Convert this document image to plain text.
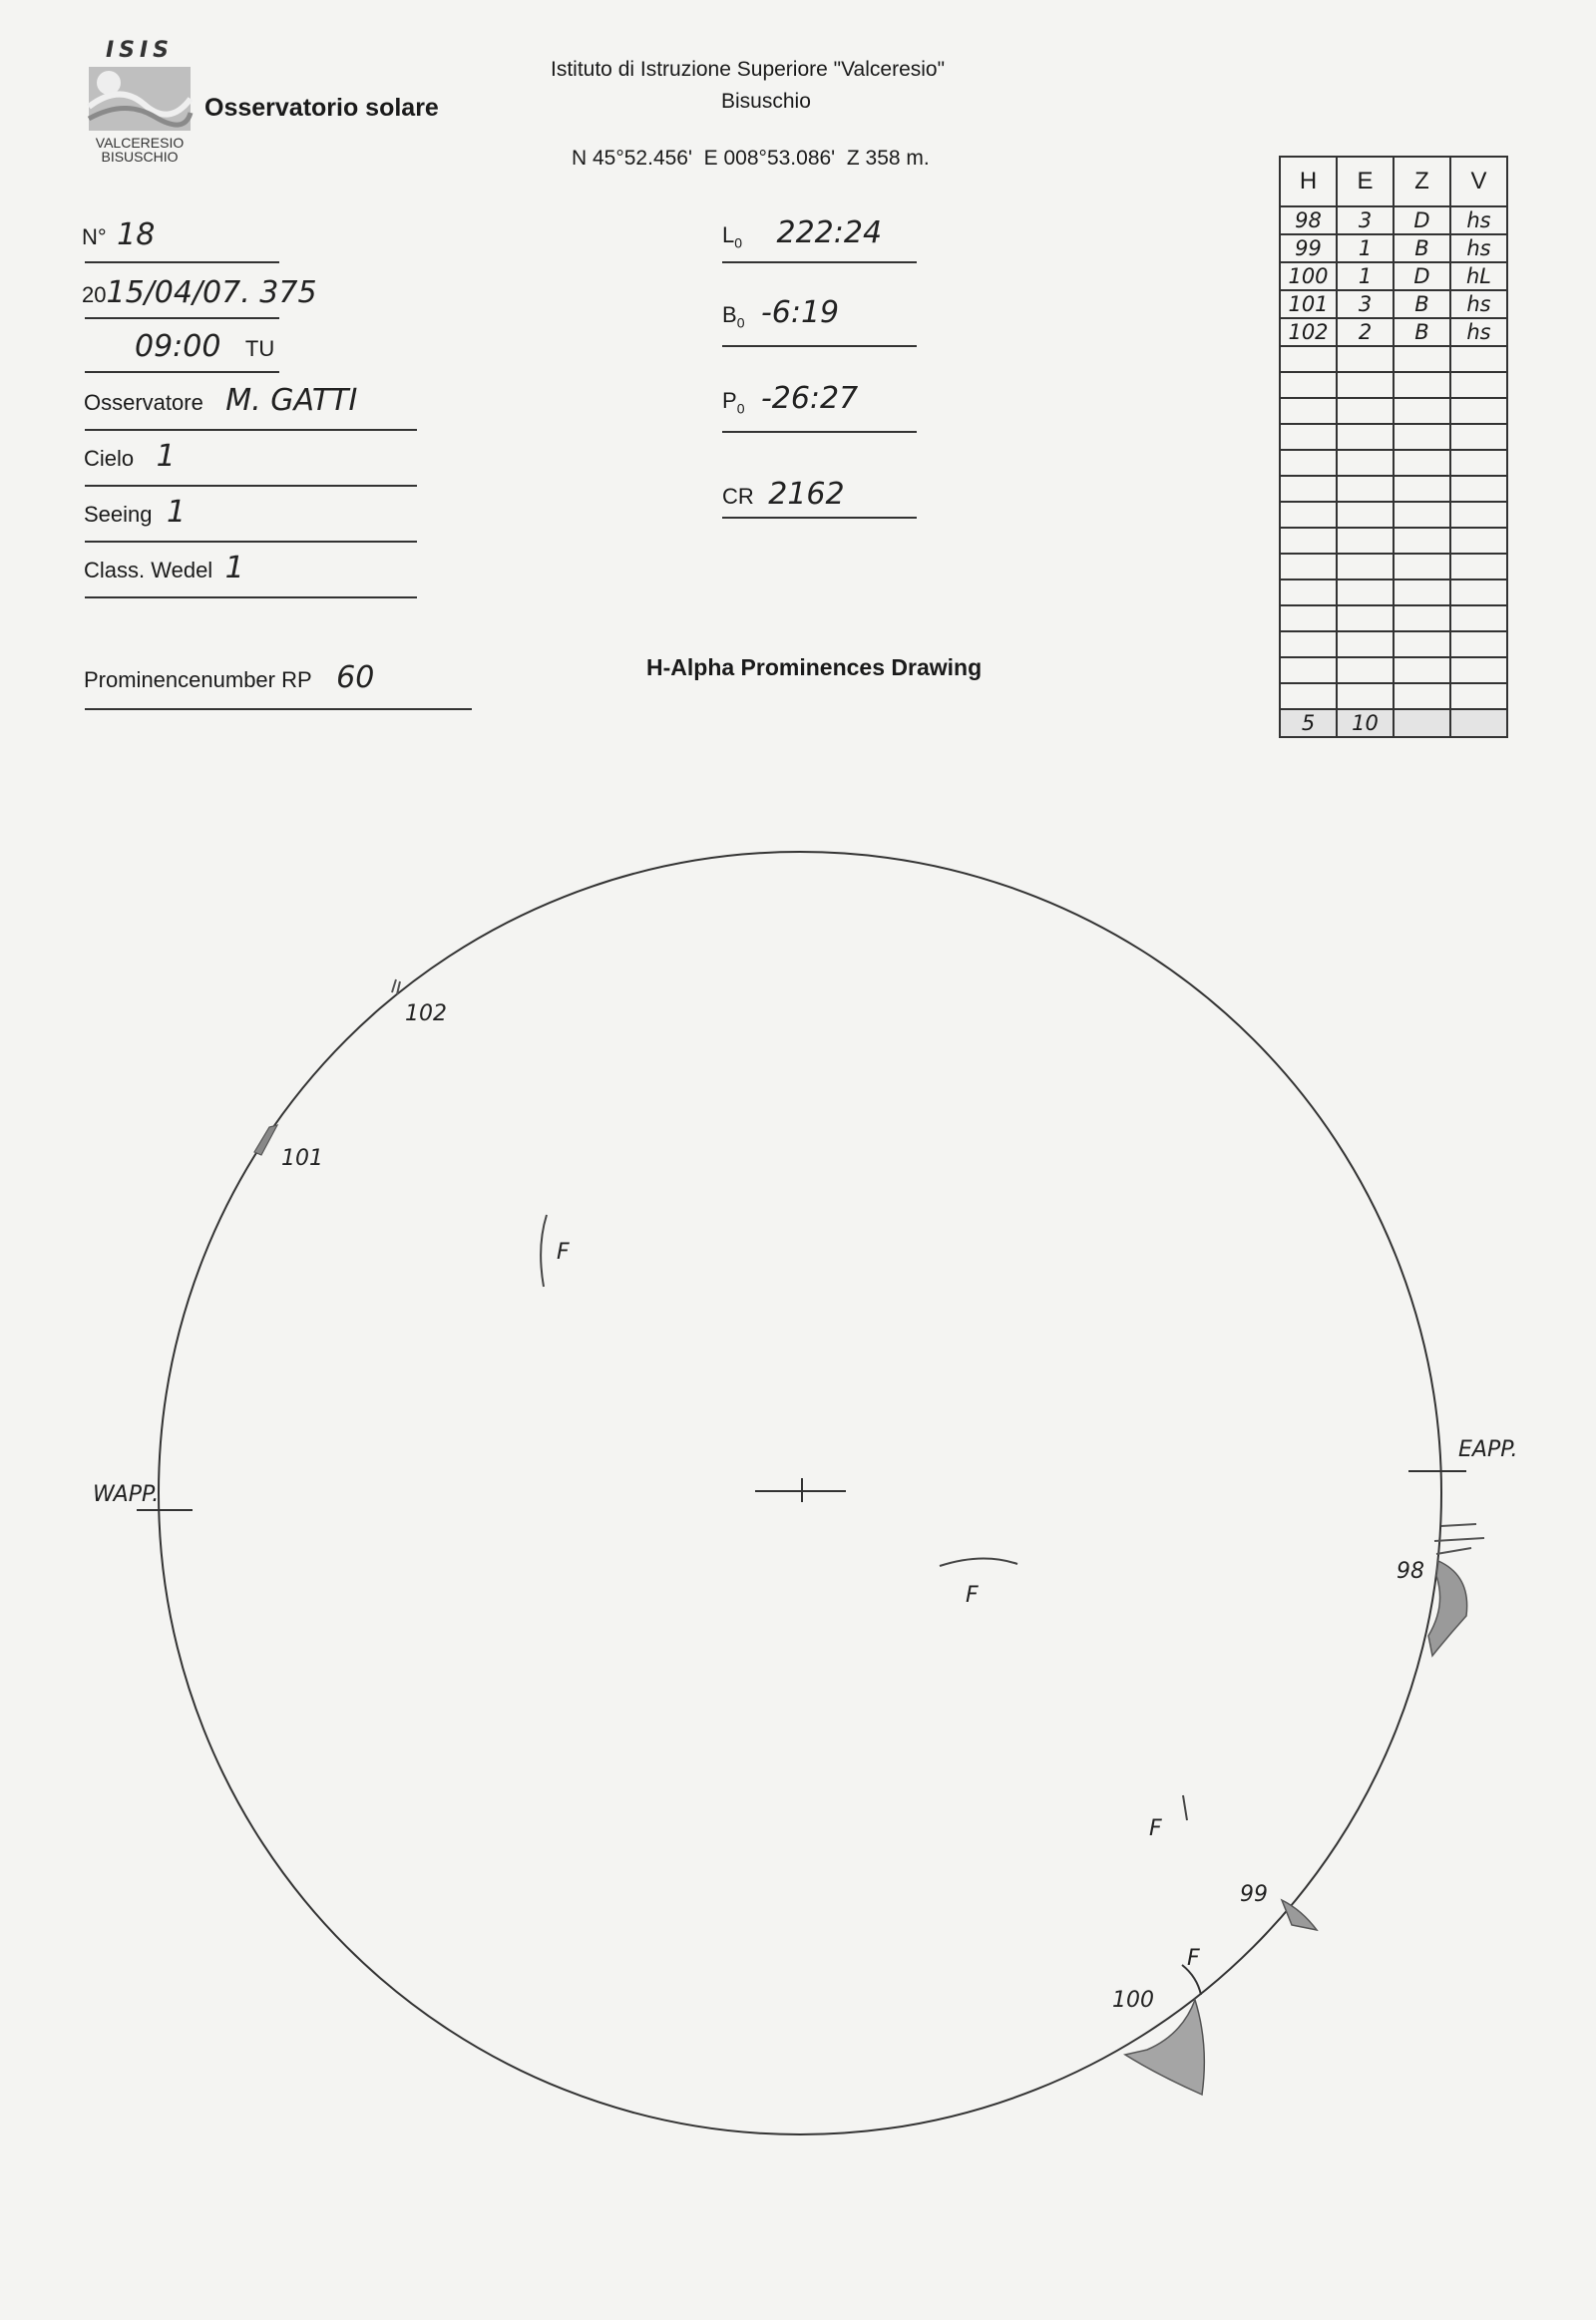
ISIS
VALCERESIO
BISUSCHIO
Osservatorio solare
Istituto di Istruzione Superiore "Valceresio"
Bisuschio
N 45°52.456'  E 008°53.086'  Z 358 m.
N° 18
2015/04/07. 375
09:00 TU
Osservatore M. GATTI
Cielo 1
Seeing 1
Class. Wedel 1
Prominencenumber RP 60
$L_0$ 222:24
$B_0$ -6:19
$P_0$ -26:27
CR 2162
H-Alpha Prominences Drawing
H	E	Z	V
98	3	D	hs
99	1	B	hs
100	1	D	hL
101	3	B	hs
102	2	B	hs

5	10		
WAPP.
EAPP.
98
99
100
101
102
F
F
F
F
